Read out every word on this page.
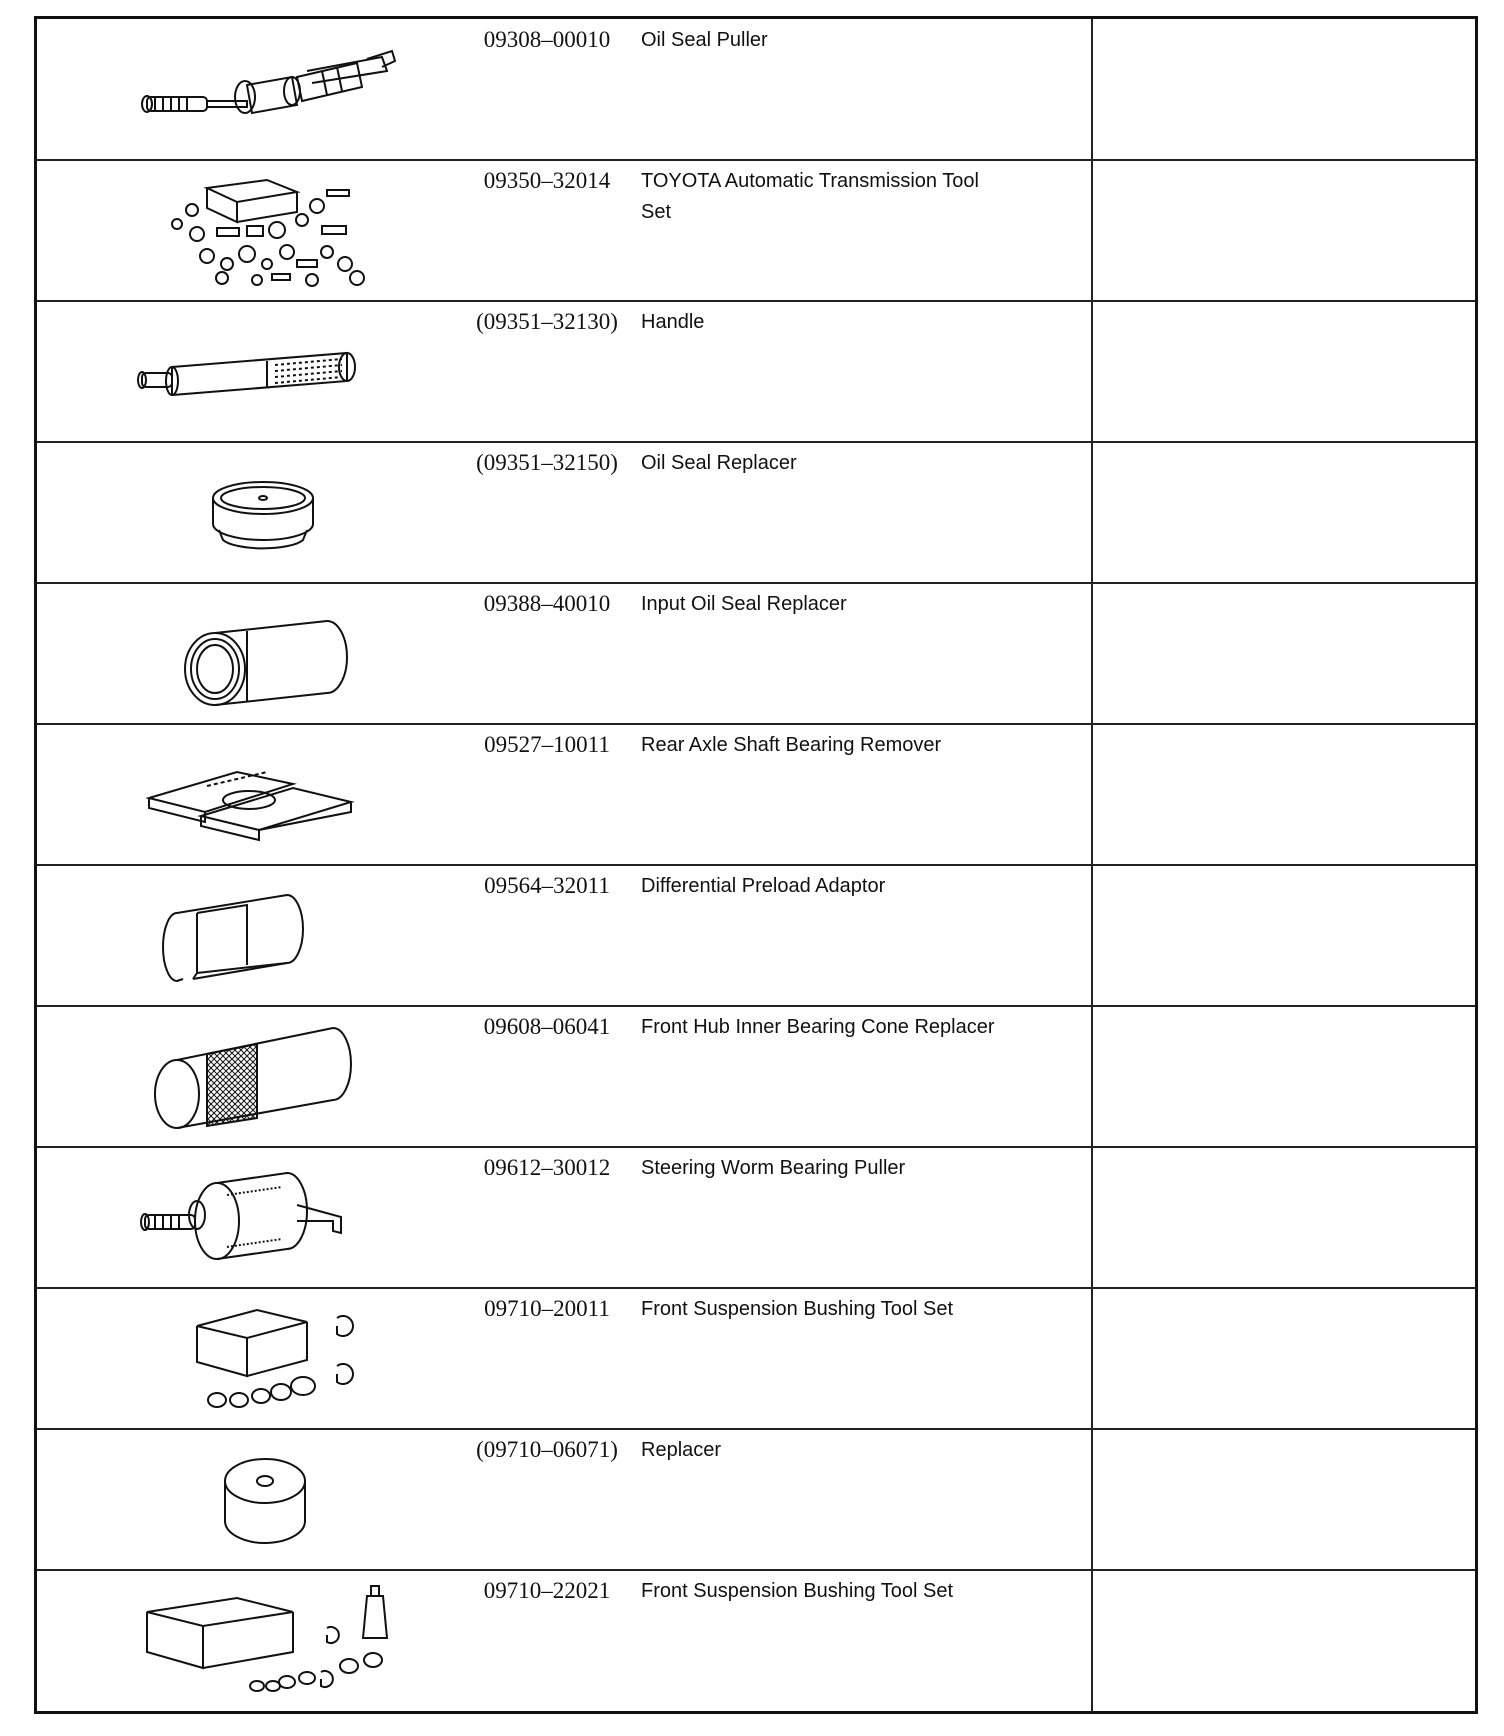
09308–00010	Oil Seal Puller
09350–32014	TOYOTA Automatic Transmission Tool Set
(09351–32130)	Handle
(09351–32150)	Oil Seal Replacer
09388–40010	Input Oil Seal Replacer
09527–10011	Rear Axle Shaft Bearing Remover
09564–32011	Differential Preload Adaptor
09608–06041	Front Hub Inner Bearing Cone Replacer
09612–30012	Steering Worm Bearing Puller
09710–20011	Front Suspension Bushing Tool Set
(09710–06071)	Replacer
09710–22021	Front Suspension Bushing Tool Set
